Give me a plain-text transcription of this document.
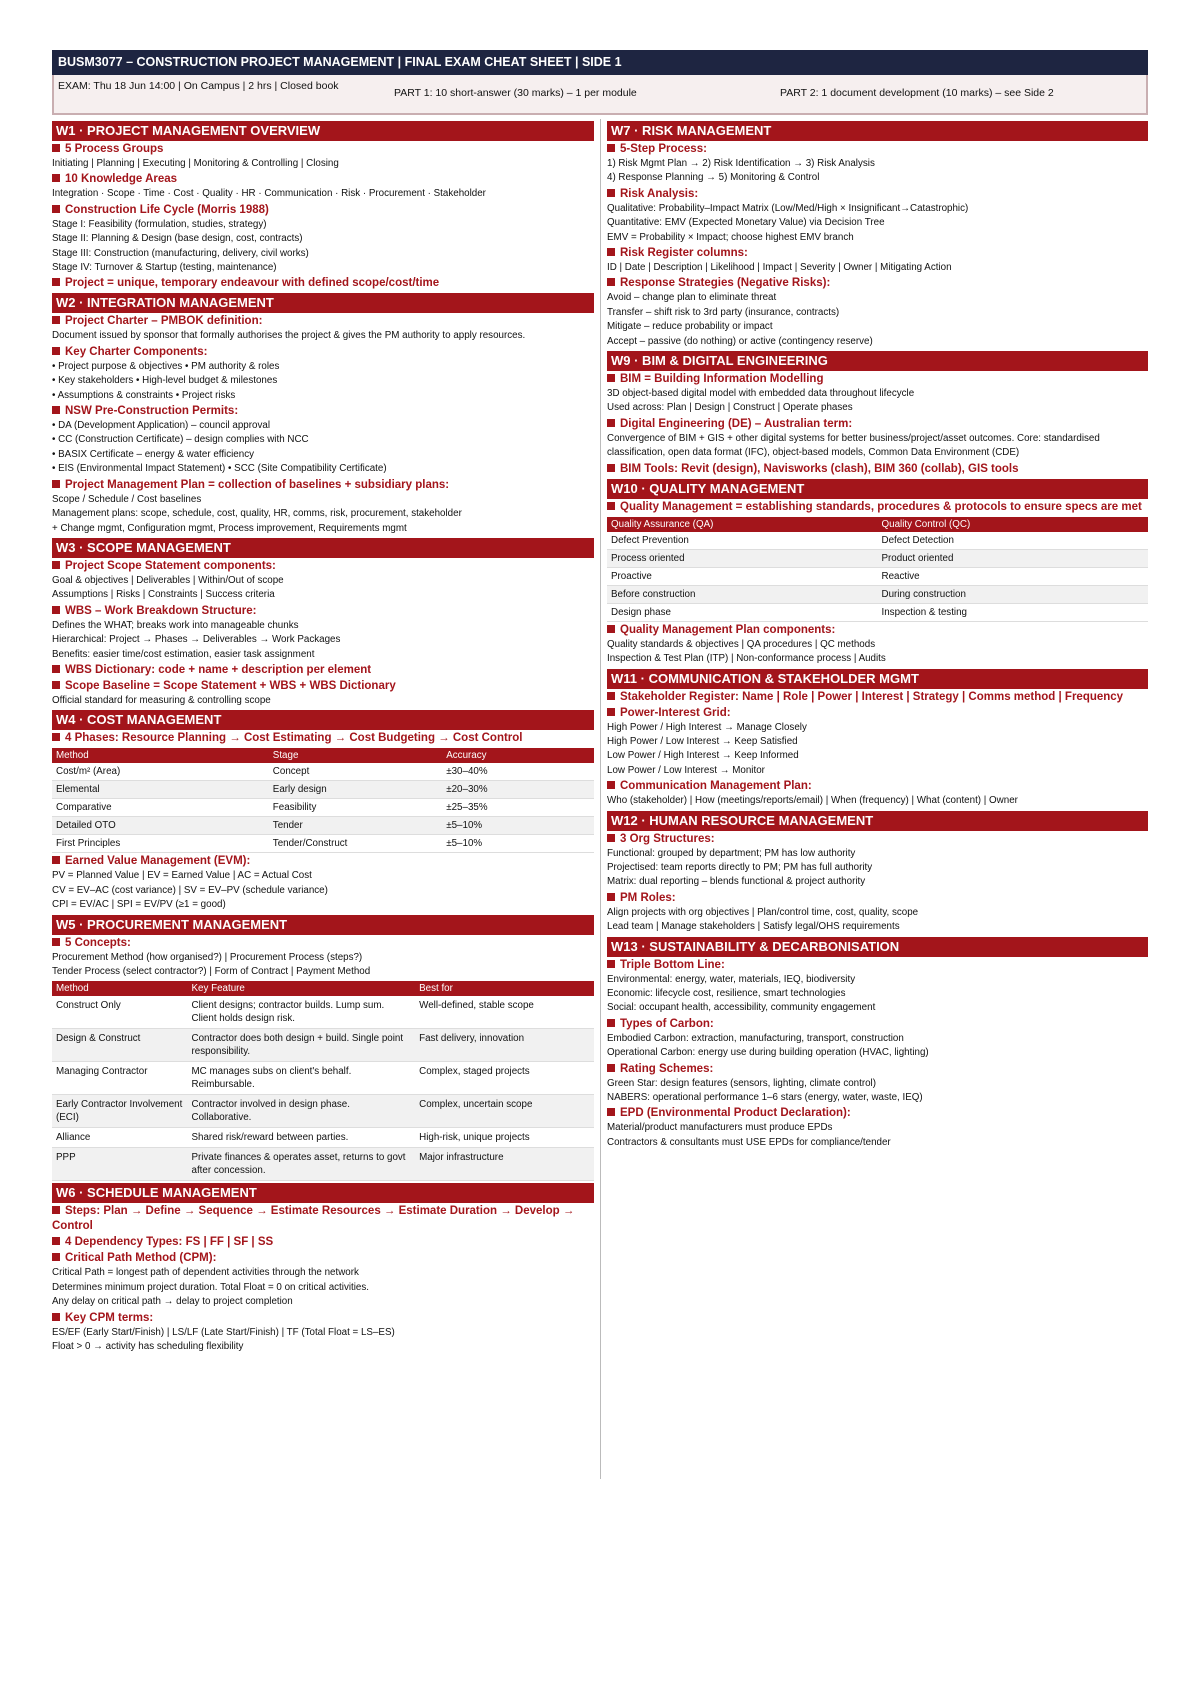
BUSM3077 – CONSTRUCTION PROJECT MANAGEMENT | FINAL EXAM CHEAT SHEET | SIDE 1
EXAM: Thu 18 Jun 14:00 | On Campus | 2 hrs | Closed book
PART 1: 10 short-answer (30 marks) – 1 per module	PART 2: 1 document development (10 marks) – see Side 2
W1 · PROJECT MANAGEMENT OVERVIEW
5 Process Groups
Initiating | Planning | Executing | Monitoring & Controlling | Closing
10 Knowledge Areas
Integration · Scope · Time · Cost · Quality · HR · Communication · Risk · Procurement · Stakeholder
Construction Life Cycle (Morris 1988)
Stage I: Feasibility (formulation, studies, strategy)
Stage II: Planning & Design (base design, cost, contracts)
Stage III: Construction (manufacturing, delivery, civil works)
Stage IV: Turnover & Startup (testing, maintenance)
Project = unique, temporary endeavour with defined scope/cost/time
W2 · INTEGRATION MANAGEMENT
Project Charter – PMBOK definition:
Document issued by sponsor that formally authorises the project & gives the PM authority to apply resources.
Key Charter Components:
• Project purpose & objectives • PM authority & roles
• Key stakeholders • High-level budget & milestones
• Assumptions & constraints • Project risks
NSW Pre-Construction Permits:
• DA (Development Application) – council approval
• CC (Construction Certificate) – design complies with NCC
• BASIX Certificate – energy & water efficiency
• EIS (Environmental Impact Statement) • SCC (Site Compatibility Certificate)
Project Management Plan = collection of baselines + subsidiary plans:
Scope / Schedule / Cost baselines
Management plans: scope, schedule, cost, quality, HR, comms, risk, procurement, stakeholder
+ Change mgmt, Configuration mgmt, Process improvement, Requirements mgmt
W3 · SCOPE MANAGEMENT
Project Scope Statement components:
Goal & objectives | Deliverables | Within/Out of scope
Assumptions | Risks | Constraints | Success criteria
WBS – Work Breakdown Structure:
Defines the WHAT; breaks work into manageable chunks
Hierarchical: Project → Phases → Deliverables → Work Packages
Benefits: easier time/cost estimation, easier task assignment
WBS Dictionary: code + name + description per element
Scope Baseline = Scope Statement + WBS + WBS Dictionary
Official standard for measuring & controlling scope
W4 · COST MANAGEMENT
4 Phases: Resource Planning → Cost Estimating → Cost Budgeting → Cost Control
Method	Stage	Accuracy
Cost/m² (Area)	Concept	±30–40%
Elemental	Early design	±20–30%
Comparative	Feasibility	±25–35%
Detailed OTO	Tender	±5–10%
First Principles	Tender/Construct	±5–10%
Earned Value Management (EVM):
PV = Planned Value | EV = Earned Value | AC = Actual Cost
CV = EV–AC (cost variance) | SV = EV–PV (schedule variance)
CPI = EV/AC | SPI = EV/PV (≥1 = good)
W5 · PROCUREMENT MANAGEMENT
5 Concepts:
Procurement Method (how organised?) | Procurement Process (steps?)
Tender Process (select contractor?) | Form of Contract | Payment Method
Method	Key Feature	Best for
Construct Only	Client designs; contractor builds. Lump sum. Client holds design risk.	Well-defined, stable scope
Design & Construct	Contractor does both design + build. Single point responsibility.	Fast delivery, innovation
Managing Contractor	MC manages subs on client's behalf. Reimbursable.	Complex, staged projects
Early Contractor Involvement (ECI)	Contractor involved in design phase. Collaborative.	Complex, uncertain scope
Alliance	Shared risk/reward between parties.	High-risk, unique projects
PPP	Private finances & operates asset, returns to govt after concession.	Major infrastructure
W6 · SCHEDULE MANAGEMENT
Steps: Plan → Define → Sequence → Estimate Resources → Estimate Duration → Develop → Control
4 Dependency Types: FS | FF | SF | SS
Critical Path Method (CPM):
Critical Path = longest path of dependent activities through the network
Determines minimum project duration. Total Float = 0 on critical activities.
Any delay on critical path → delay to project completion
Key CPM terms:
ES/EF (Early Start/Finish) | LS/LF (Late Start/Finish) | TF (Total Float = LS–ES)
Float > 0 → activity has scheduling flexibility
W7 · RISK MANAGEMENT
5-Step Process:
1) Risk Mgmt Plan → 2) Risk Identification → 3) Risk Analysis
4) Response Planning → 5) Monitoring & Control
Risk Analysis:
Qualitative: Probability–Impact Matrix (Low/Med/High × Insignificant→Catastrophic)
Quantitative: EMV (Expected Monetary Value) via Decision Tree
EMV = Probability × Impact; choose highest EMV branch
Risk Register columns:
ID | Date | Description | Likelihood | Impact | Severity | Owner | Mitigating Action
Response Strategies (Negative Risks):
Avoid – change plan to eliminate threat
Transfer – shift risk to 3rd party (insurance, contracts)
Mitigate – reduce probability or impact
Accept – passive (do nothing) or active (contingency reserve)
W9 · BIM & DIGITAL ENGINEERING
BIM = Building Information Modelling
3D object-based digital model with embedded data throughout lifecycle
Used across: Plan | Design | Construct | Operate phases
Digital Engineering (DE) – Australian term:
Convergence of BIM + GIS + other digital systems for better business/project/asset outcomes. Core: standardised classification, open data format (IFC), object-based models, Common Data Environment (CDE)
BIM Tools: Revit (design), Navisworks (clash), BIM 360 (collab), GIS tools
W10 · QUALITY MANAGEMENT
Quality Management = establishing standards, procedures & protocols to ensure specs are met
Quality Assurance (QA)	Quality Control (QC)
Defect Prevention	Defect Detection
Process oriented	Product oriented
Proactive	Reactive
Before construction	During construction
Design phase	Inspection & testing
Quality Management Plan components:
Quality standards & objectives | QA procedures | QC methods
Inspection & Test Plan (ITP) | Non-conformance process | Audits
W11 · COMMUNICATION & STAKEHOLDER MGMT
Stakeholder Register: Name | Role | Power | Interest | Strategy | Comms method | Frequency
Power-Interest Grid:
High Power / High Interest → Manage Closely
High Power / Low Interest → Keep Satisfied
Low Power / High Interest → Keep Informed
Low Power / Low Interest → Monitor
Communication Management Plan:
Who (stakeholder) | How (meetings/reports/email) | When (frequency) | What (content) | Owner
W12 · HUMAN RESOURCE MANAGEMENT
3 Org Structures:
Functional: grouped by department; PM has low authority
Projectised: team reports directly to PM; PM has full authority
Matrix: dual reporting – blends functional & project authority
PM Roles:
Align projects with org objectives | Plan/control time, cost, quality, scope
Lead team | Manage stakeholders | Satisfy legal/OHS requirements
W13 · SUSTAINABILITY & DECARBONISATION
Triple Bottom Line:
Environmental: energy, water, materials, IEQ, biodiversity
Economic: lifecycle cost, resilience, smart technologies
Social: occupant health, accessibility, community engagement
Types of Carbon:
Embodied Carbon: extraction, manufacturing, transport, construction
Operational Carbon: energy use during building operation (HVAC, lighting)
Rating Schemes:
Green Star: design features (sensors, lighting, climate control)
NABERS: operational performance 1–6 stars (energy, water, waste, IEQ)
EPD (Environmental Product Declaration):
Material/product manufacturers must produce EPDs
Contractors & consultants must USE EPDs for compliance/tender
